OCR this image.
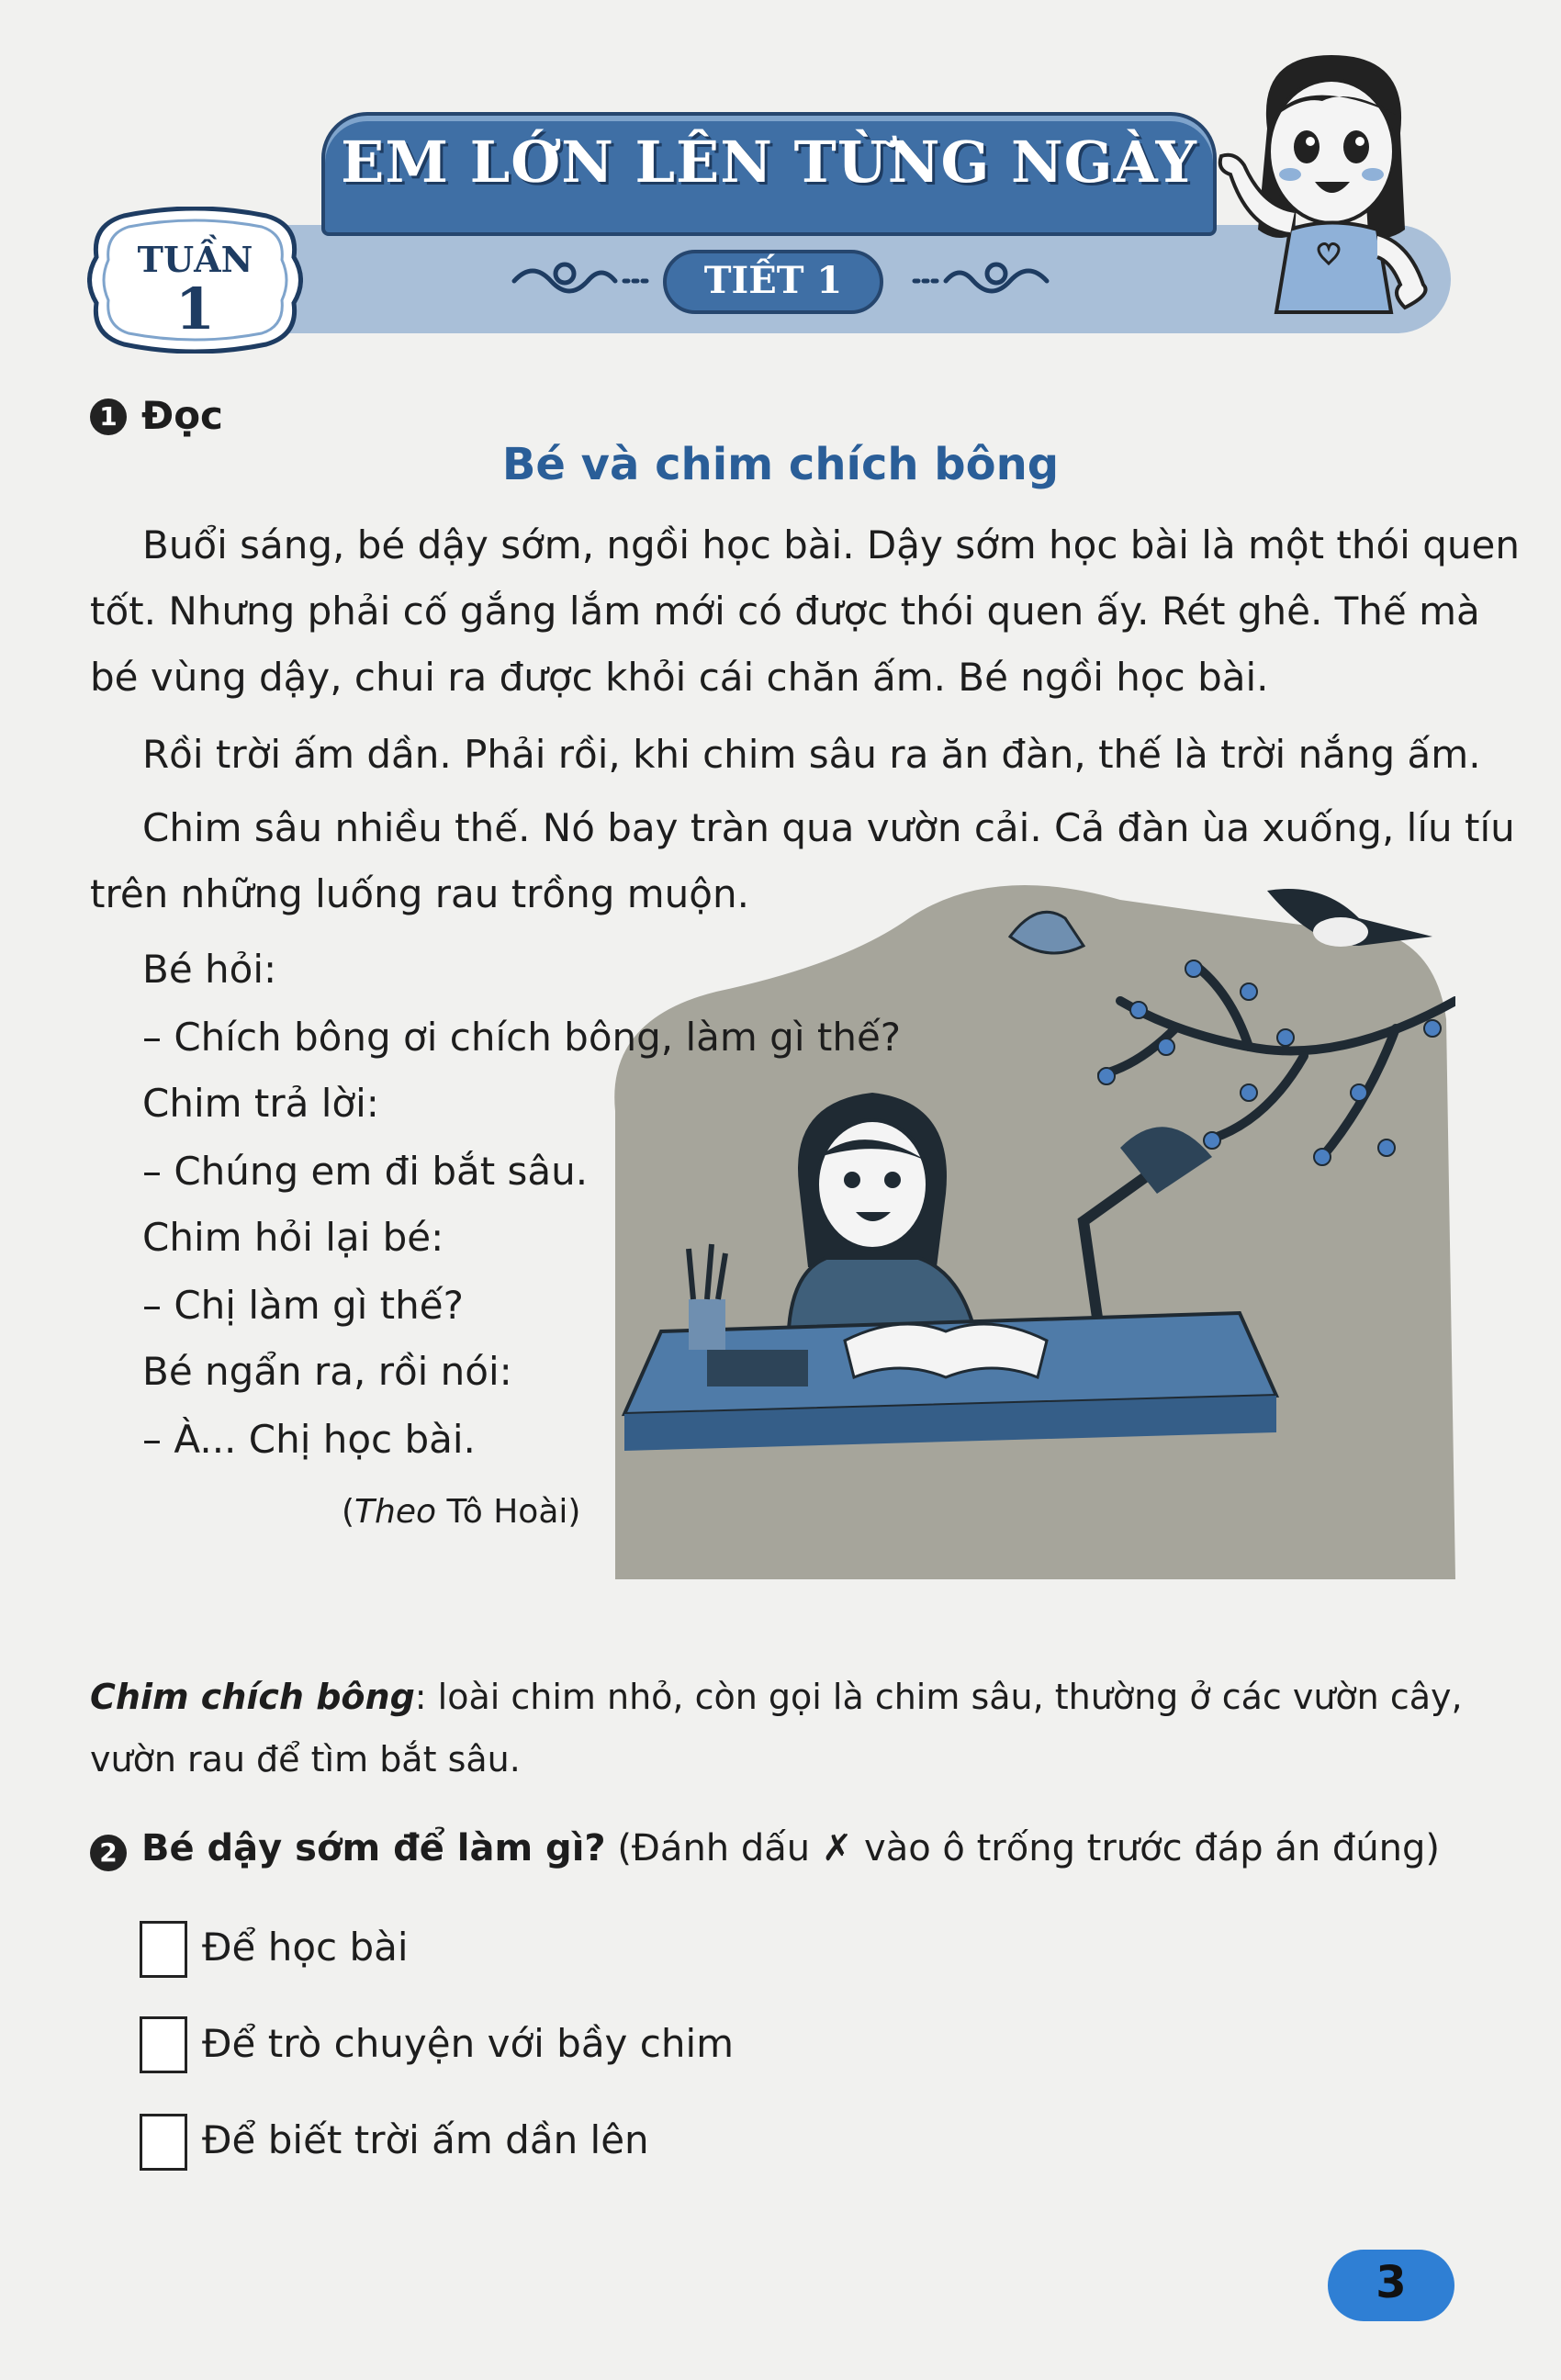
EM LỚN LÊN TỪNG NGÀY
TIẾT 1
TUẦN
1
1 Đọc
Bé và chim chích bông
Buổi sáng, bé dậy sớm, ngồi học bài. Dậy sớm học bài là một thói quen
tốt. Nhưng phải cố gắng lắm mới có được thói quen ấy. Rét ghê. Thế mà
bé vùng dậy, chui ra được khỏi cái chăn ấm. Bé ngồi học bài.
Rồi trời ấm dần. Phải rồi, khi chim sâu ra ăn đàn, thế là trời nắng ấm.
Chim sâu nhiều thế. Nó bay tràn qua vườn cải. Cả đàn ùa xuống, líu tíu
trên những luống rau trồng muộn.
Bé hỏi:
– Chích bông ơi chích bông, làm gì thế?
Chim trả lời:
– Chúng em đi bắt sâu.
Chim hỏi lại bé:
– Chị làm gì thế?
Bé ngẩn ra, rồi nói:
– À... Chị học bài.
(Theo Tô Hoài)
Chim chích bông: loài chim nhỏ, còn gọi là chim sâu, thường ở các vườn cây,
vườn rau để tìm bắt sâu.
2 Bé dậy sớm để làm gì? (Đánh dấu ✗ vào ô trống trước đáp án đúng)
Để học bài
Để trò chuyện với bầy chim
Để biết trời ấm dần lên
3
